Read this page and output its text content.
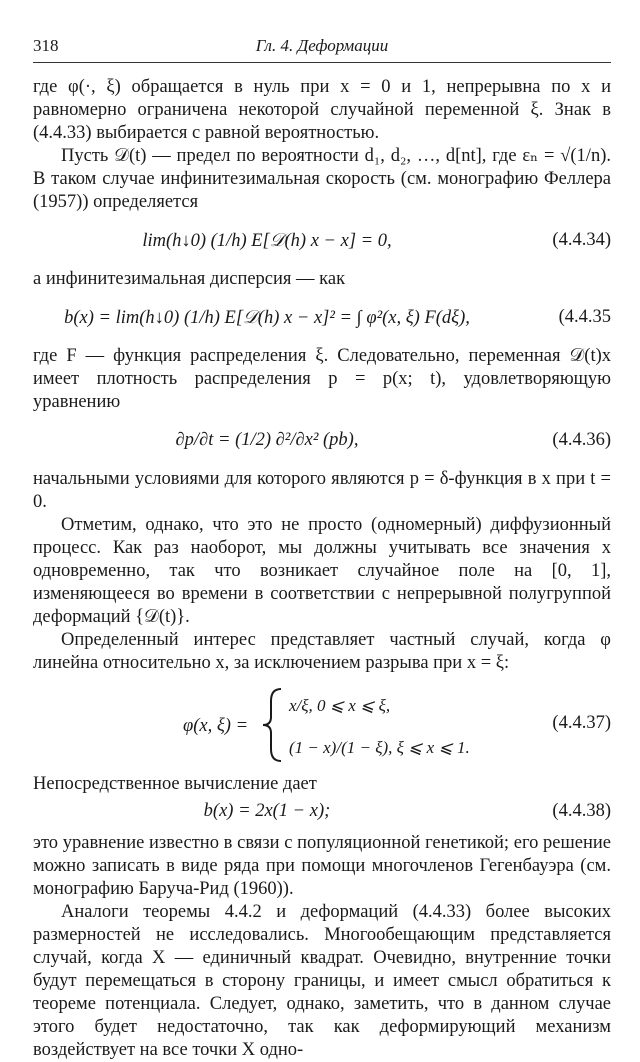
318	Гл. 4. Деформации

где φ(·, ξ) обращается в нуль при x = 0 и 1, непрерывна по x и равномерно ограничена некоторой случайной переменной ξ. Знак в (4.4.33) выбирается с равной вероятностью.

Пусть 𝒟(t) — предел по вероятности d₁, d₂, …, d[nt], где εₙ = √(1/n). В таком случае инфинитезимальная скорость (см. монографию Феллера (1957)) определяется

lim(h↓0) (1/h) E[𝒟(h) x − x] = 0,	(4.4.34)

а инфинитезимальная дисперсия — как

b(x) = lim(h↓0) (1/h) E[𝒟(h) x − x]² = ∫ φ²(x, ξ) F(dξ),	(4.4.35

где F — функция распределения ξ. Следовательно, переменная 𝒟(t)x имеет плотность распределения p = p(x; t), удовлетворяющую уравнению

∂p/∂t = (1/2) ∂²/∂x² (pb),	(4.4.36)

начальными условиями для которого являются p = δ-функция в x при t = 0.

Отметим, однако, что это не просто (одномерный) диффузионный процесс. Как раз наоборот, мы должны учитывать все значения x одновременно, так что возникает случайное поле на [0, 1], изменяющееся во времени в соответствии с непрерывной полугруппой деформаций {𝒟(t)}.

Определенный интерес представляет частный случай, когда φ линейна относительно x, за исключением разрыва при x = ξ:

φ(x, ξ) =
x/ξ, 0 ⩽ x ⩽ ξ,
(1 − x)/(1 − ξ), ξ ⩽ x ⩽ 1.
(4.4.37)

Непосредственное вычисление дает

b(x) = 2x(1 − x);	(4.4.38)

это уравнение известно в связи с популяционной генетикой; его решение можно записать в виде ряда при помощи многочленов Гегенбауэра (см. монографию Баруча-Рид (1960)).

Аналоги теоремы 4.4.2 и деформаций (4.4.33) более высоких размерностей не исследовались. Многообещающим представляется случай, когда X — единичный квадрат. Очевидно, внутренние точки будут перемещаться в сторону границы, и имеет смысл обратиться к теореме потенциала. Следует, однако, заметить, что в данном случае этого будет недостаточно, так как деформирующий механизм воздействует на все точки X одно-
